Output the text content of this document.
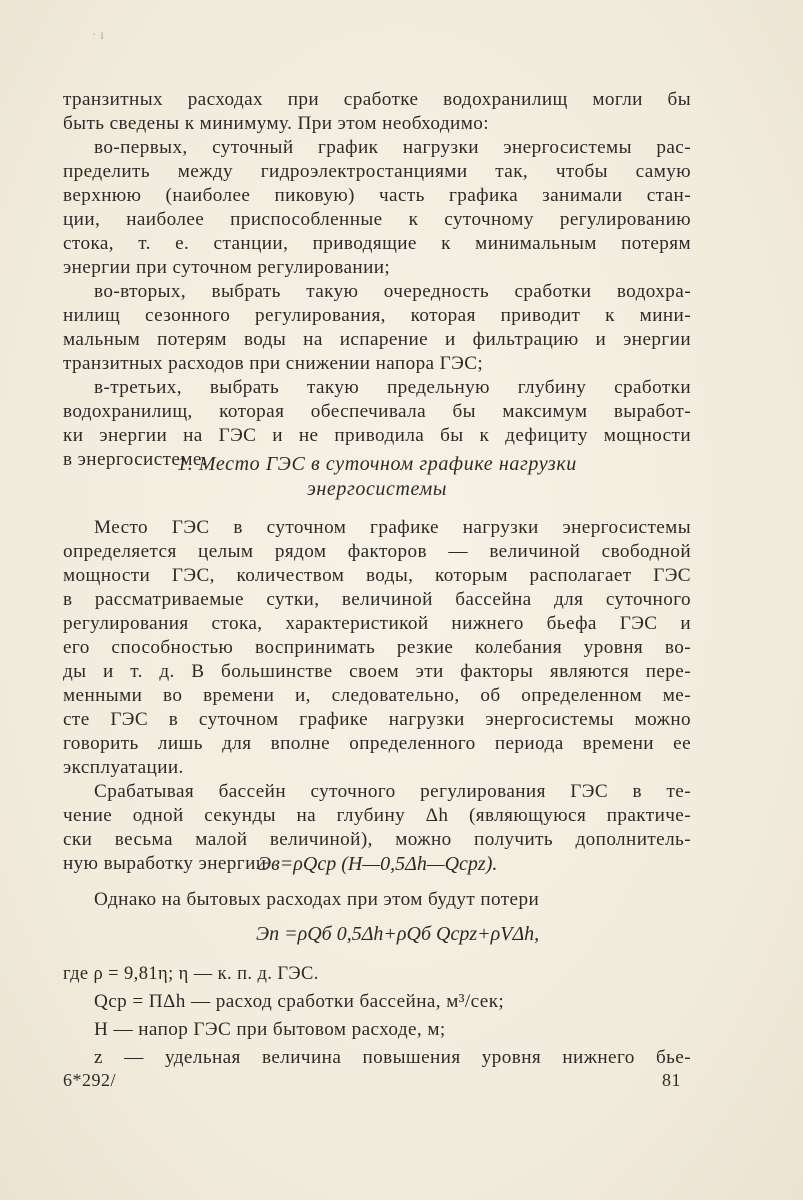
· ı
транзитных расходах при сработке водохранилищ могли бы
быть сведены к минимуму. При этом необходимо:
во-первых, суточный график нагрузки энергосистемы рас-
пределить между гидроэлектростанциями так, чтобы самую
верхнюю (наиболее пиковую) часть графика занимали стан-
ции, наиболее приспособленные к суточному регулированию
стока, т. е. станции, приводящие к минимальным потерям
энергии при суточном регулировании;
во-вторых, выбрать такую очередность сработки водохра-
нилищ сезонного регулирования, которая приводит к мини-
мальным потерям воды на испарение и фильтрацию и энергии
транзитных расходов при снижении напора ГЭС;
в-третьих, выбрать такую предельную глубину сработки
водохранилищ, которая обеспечивала бы максимум выработ-
ки энергии на ГЭС и не приводила бы к дефициту мощности
в энергосистеме.
1. Место ГЭС в суточном графике нагрузки
энергосистемы
Место ГЭС в суточном графике нагрузки энергосистемы
определяется целым рядом факторов — величиной свободной
мощности ГЭС, количеством воды, которым располагает ГЭС
в рассматриваемые сутки, величиной бассейна для суточного
регулирования стока, характеристикой нижнего бьефа ГЭС и
его способностью воспринимать резкие колебания уровня во-
ды и т. д. В большинстве своем эти факторы являются пере-
менными во времени и, следовательно, об определенном ме-
сте ГЭС в суточном графике нагрузки энергосистемы можно
говорить лишь для вполне определенного периода времени ее
эксплуатации.
Срабатывая бассейн суточного регулирования ГЭС в те-
чение одной секунды на глубину Δh (являющуюся практиче-
ски весьма малой величиной), можно получить дополнитель-
ную выработку энергии
Эв=ρQср (H—0,5Δh—Qсрz).
Однако на бытовых расходах при этом будут потери
Эп =ρQб 0,5Δh+ρQб Qсрz+ρVΔh,
где ρ = 9,81η; η — к. п. д. ГЭС.
Qср = ПΔh — расход сработки бассейна, м³/сек;
H — напор ГЭС при бытовом расходе, м;
z — удельная величина повышения уровня нижнего бье-
6*292/	81
